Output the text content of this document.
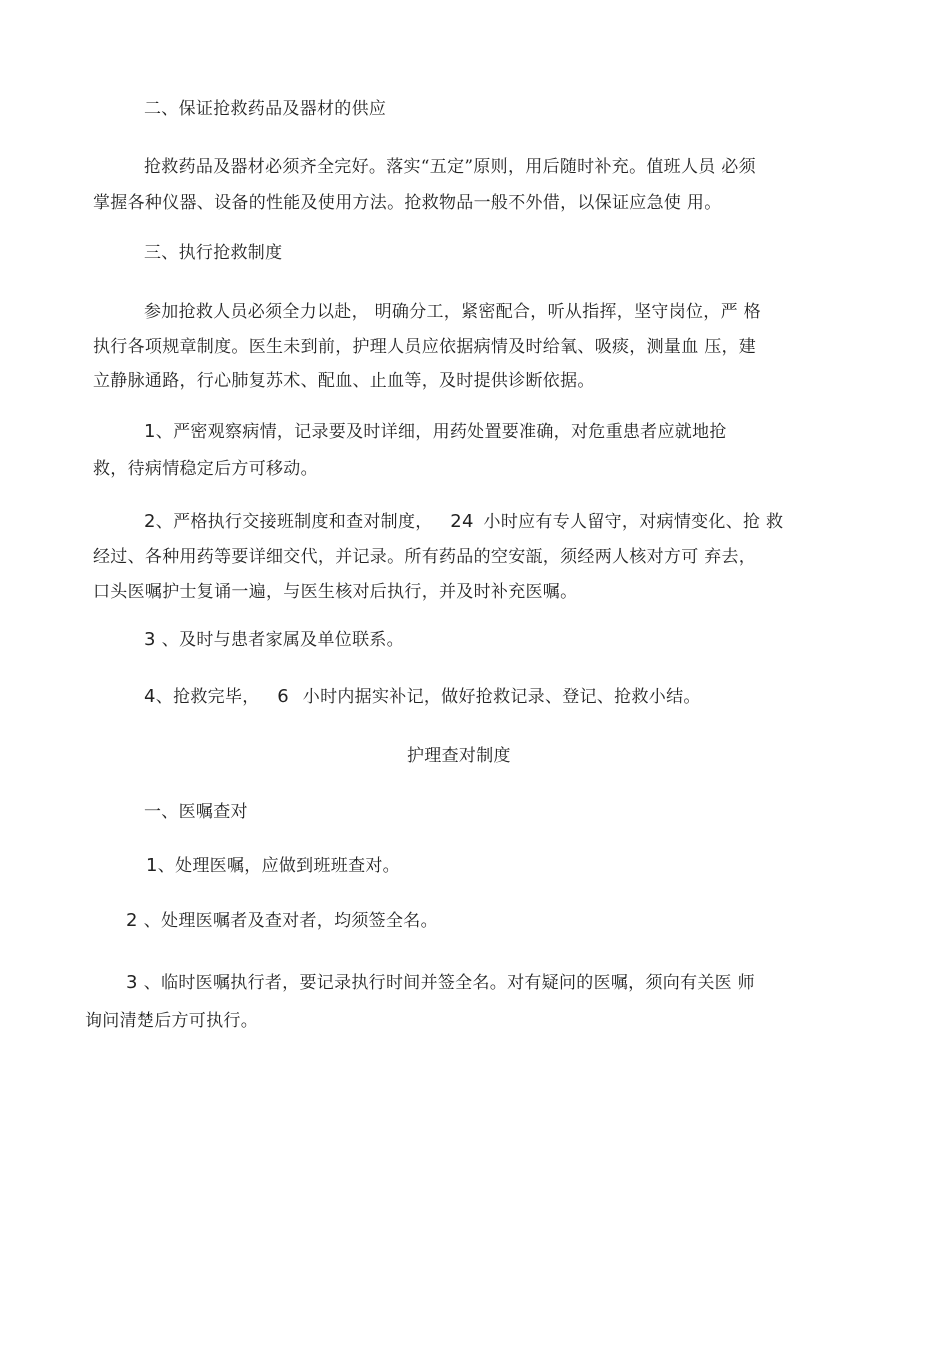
二、保证抢救药品及器材的供应
抢救药品及器材必须齐全完好。落实“五定”原则，用后随时补充。值班人员 必须
掌握各种仪器、设备的性能及使用方法。抢救物品一般不外借，以保证应急使 用。
三、执行抢救制度
参加抢救人员必须全力以赴， 明确分工，紧密配合，听从指挥，坚守岗位，严 格
执行各项规章制度。医生未到前，护理人员应依据病情及时给氧、吸痰，测量血 压，建
立静脉通路，行心肺复苏术、配血、止血等，及时提供诊断依据。
1、严密观察病情，记录要及时详细，用药处置要准确，对危重患者应就地抢
救，待病情稳定后方可移动。
2、严格执行交接班制度和查对制度， 24 小时应有专人留守，对病情变化、抢 救
经过、各种用药等要详细交代，并记录。所有药品的空安瓿，须经两人核对方可 弃去，
口头医嘱护士复诵一遍，与医生核对后执行，并及时补充医嘱。
3 、及时与患者家属及单位联系。
4、抢救完毕， 6 小时内据实补记，做好抢救记录、登记、抢救小结。
护理查对制度
一、医嘱查对
1、处理医嘱，应做到班班查对。
2 、处理医嘱者及查对者，均须签全名。
3 、临时医嘱执行者，要记录执行时间并签全名。对有疑问的医嘱，须向有关医 师
询问清楚后方可执行。
